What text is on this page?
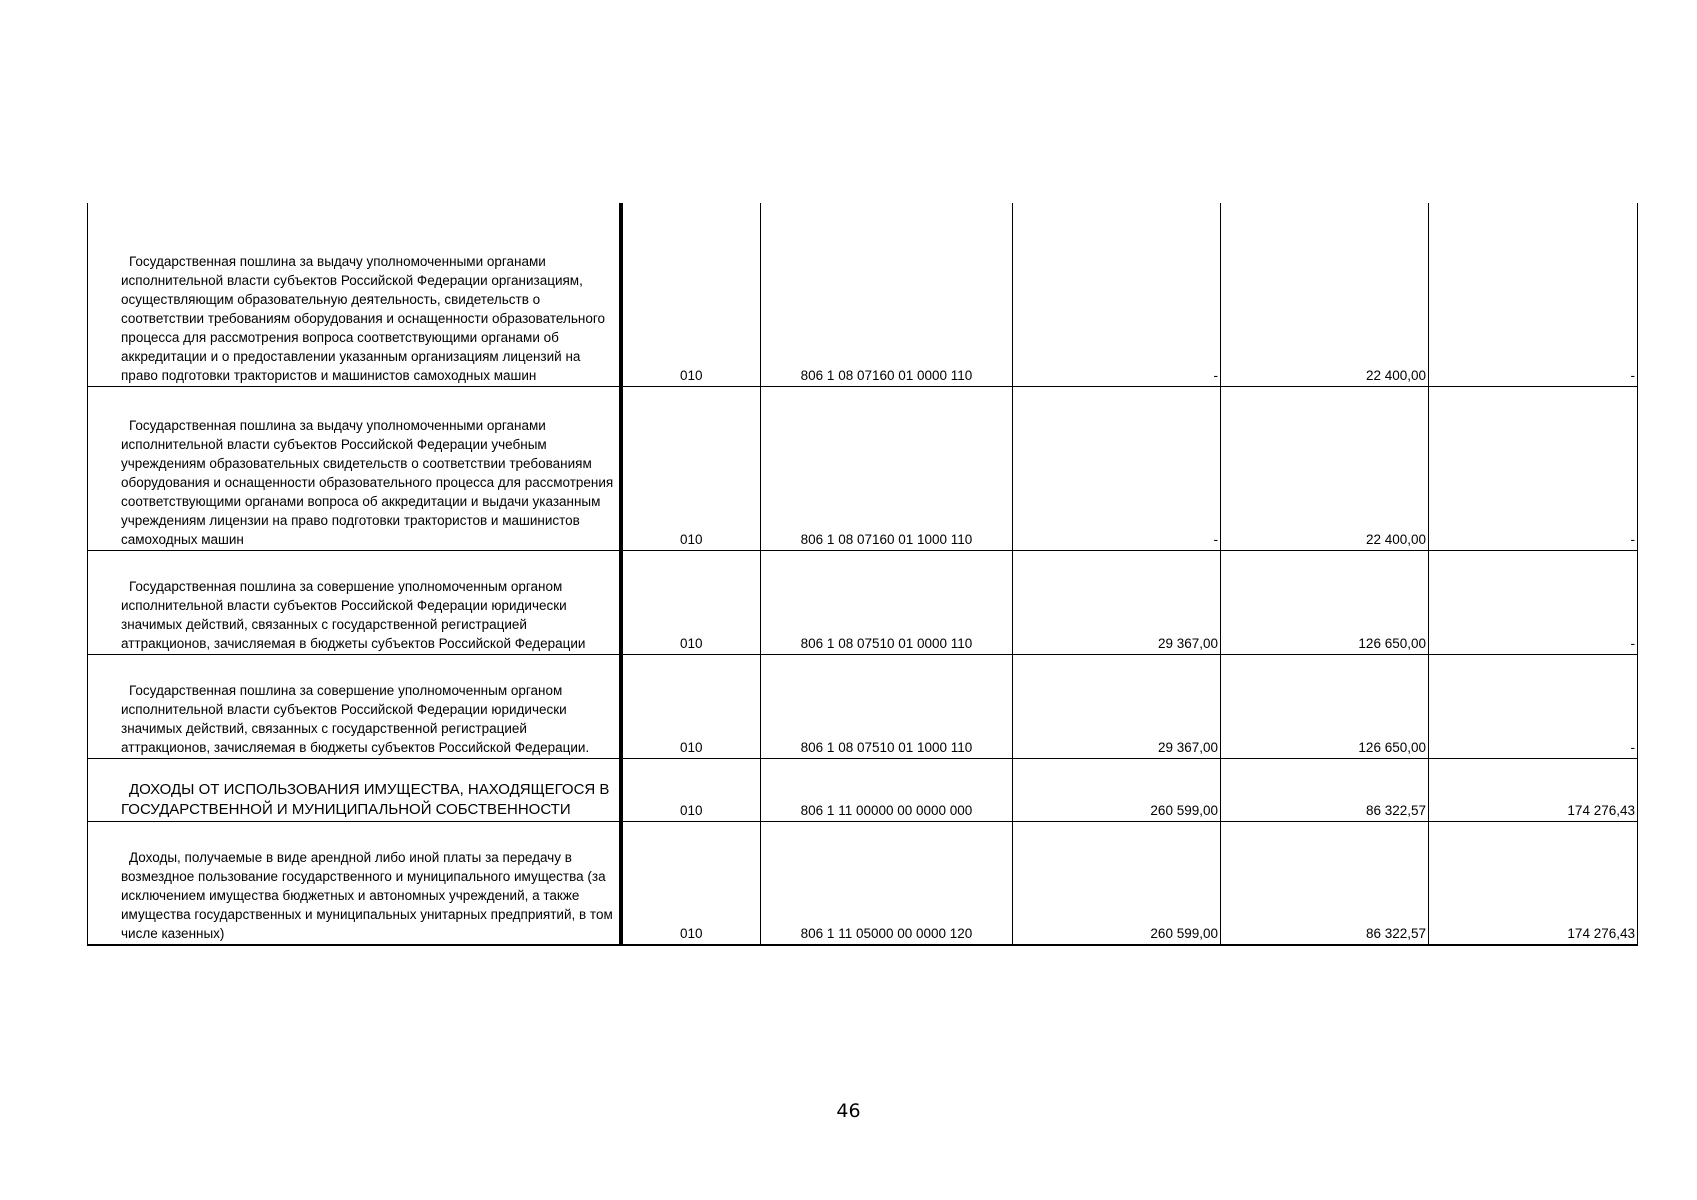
Государственная пошлина за выдачу уполномоченными органами исполнительной власти субъектов Российской Федерации организациям, осуществляющим образовательную деятельность, свидетельств о соответствии требованиям оборудования и оснащенности образовательного процесса для рассмотрения вопроса соответствующими органами об аккредитации и о предоставлении указанным организациям лицензий на право подготовки трактористов и машинистов самоходных машин	010	806 1 08 07160 01 0000 110	-	22 400,00	-

Государственная пошлина за выдачу уполномоченными органами исполнительной власти субъектов Российской Федерации учебным учреждениям образовательных свидетельств о соответствии требованиям оборудования и оснащенности образовательного процесса для рассмотрения соответствующими органами вопроса об аккредитации и выдачи указанным учреждениям лицензии на право подготовки трактористов и машинистов самоходных машин	010	806 1 08 07160 01 1000 110	-	22 400,00	-

Государственная пошлина за совершение уполномоченным органом исполнительной власти субъектов Российской Федерации юридически значимых действий, связанных с государственной регистрацией аттракционов, зачисляемая в бюджеты субъектов Российской Федерации	010	806 1 08 07510 01 0000 110	29 367,00	126 650,00	-

Государственная пошлина за совершение уполномоченным органом исполнительной власти субъектов Российской Федерации юридически значимых действий, связанных с государственной регистрацией аттракционов, зачисляемая в бюджеты субъектов Российской Федерации.	010	806 1 08 07510 01 1000 110	29 367,00	126 650,00	-

ДОХОДЫ ОТ ИСПОЛЬЗОВАНИЯ ИМУЩЕСТВА, НАХОДЯЩЕГОСЯ В ГОСУДАРСТВЕННОЙ И МУНИЦИПАЛЬНОЙ СОБСТВЕННОСТИ	010	806 1 11 00000 00 0000 000	260 599,00	86 322,57	174 276,43

Доходы, получаемые в виде арендной либо иной платы за передачу в возмездное пользование государственного и муниципального имущества (за исключением имущества бюджетных и автономных учреждений, а также имущества государственных и муниципальных унитарных предприятий, в том числе казенных)	010	806 1 11 05000 00 0000 120	260 599,00	86 322,57	174 276,43
46
